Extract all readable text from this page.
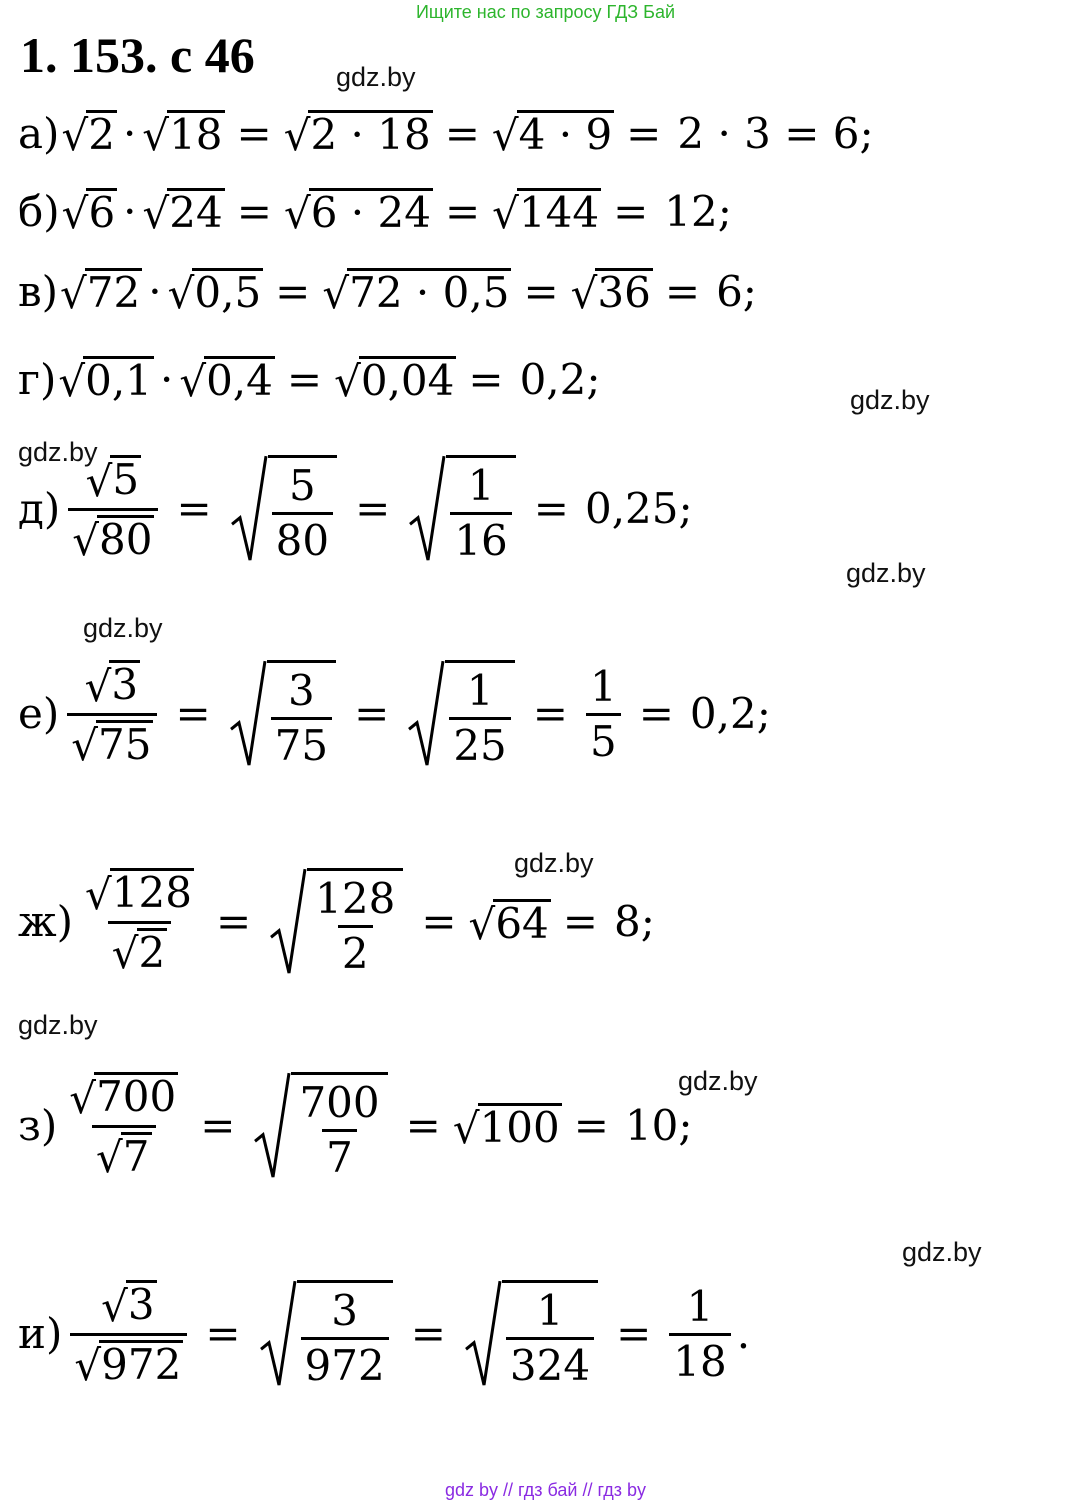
Ищите нас по запросу ГДЗ Бай
1. 153. с 46	gdz.by
gdz.by
gdz.by
gdz.by
gdz.by
gdz.by
gdz.by
gdz.by
gdz.by
а) √ 2 · √ 18 = √ 2 · 18 = √ 4 · 9 = 2 · 3 = 6;
б) √ 6 · √ 24 = √ 6 · 24 = √ 144 = 12;
в) √ 72 · √ 0,5 = √ 72 · 0,5 = √ 36 = 6;
г) √ 0,1 · √ 0,4 = √ 0,04 = 0,2;
$д) \frac{√ 5}{√ 80} = \frac{5}{80} = \frac{1}{16} = 0,25$;
$е) \frac{√ 3}{√ 75} = \frac{3}{75} = \frac{1}{25} = \frac{1}{5} = 0,2$;
$ж) \frac{√ 128}{√ 2} = \frac{128}{2}$ = √ 64 = 8;
$з) \frac{√ 700}{√ 7} = \frac{700}{7}$ = √ 100 = 10;
$и) \frac{√ 3}{√ 972} = \frac{3}{972} = \frac{1}{324} = \frac{1}{18}$ .
gdz by // гдз бай // гдз by
